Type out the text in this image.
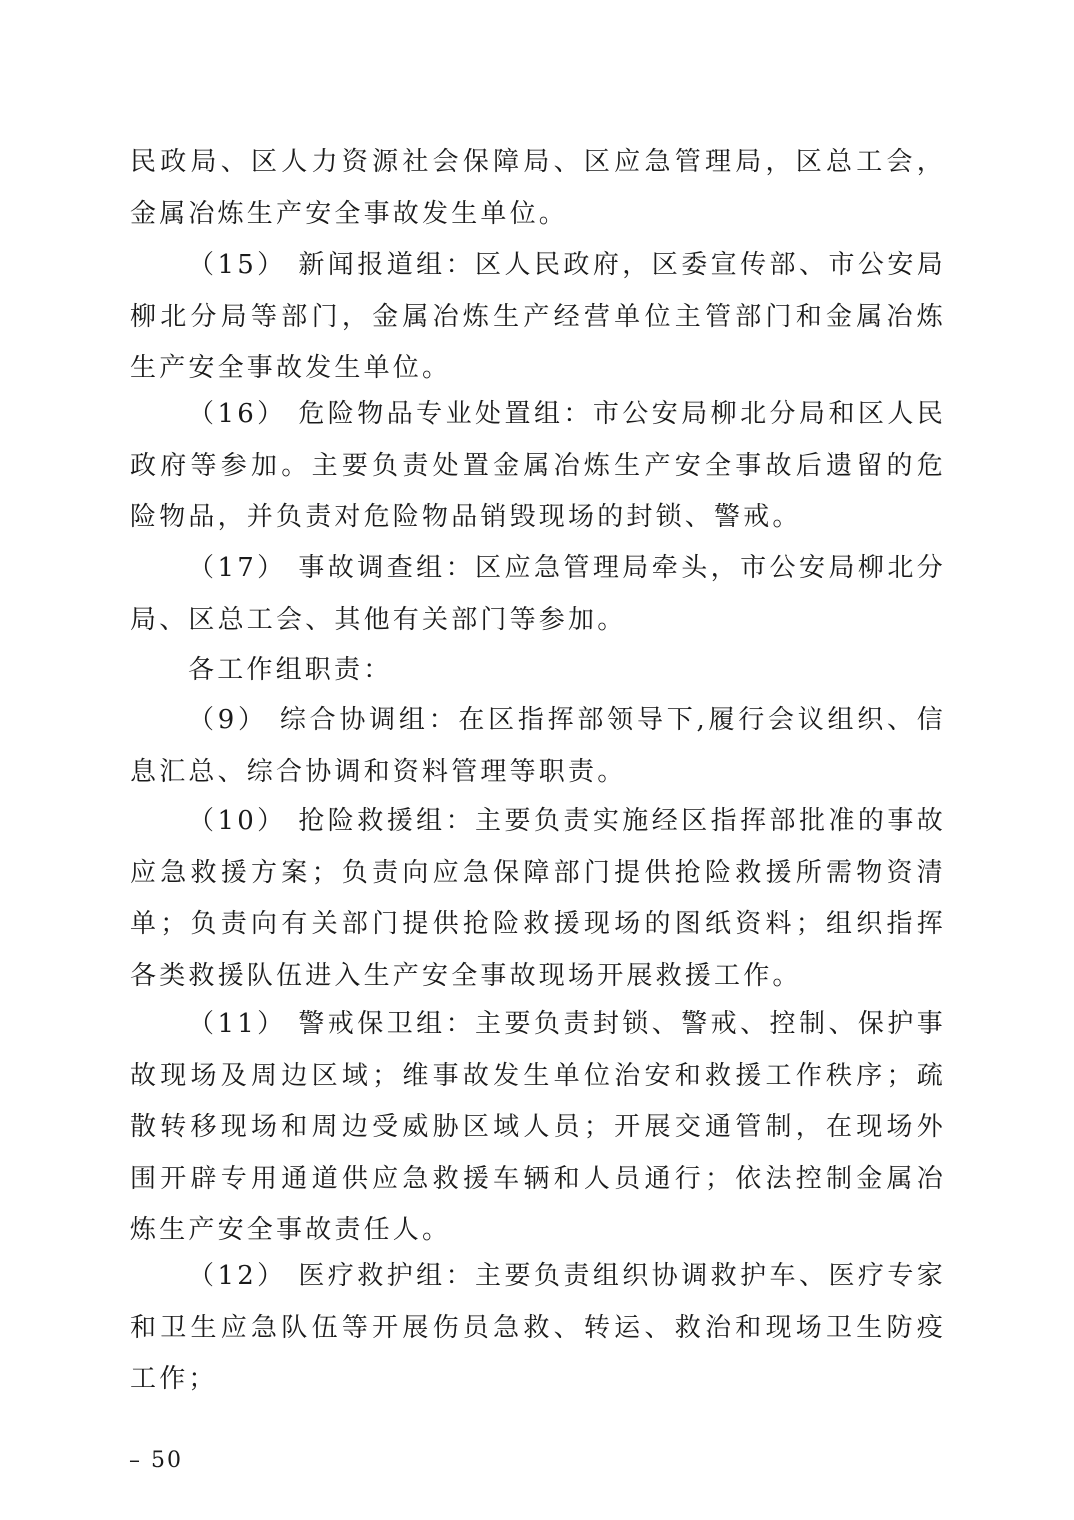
民政局、区人力资源社会保障局、区应急管理局，区总工会，金属冶炼生产安全事故发生单位。

（15） 新闻报道组：区人民政府，区委宣传部、市公安局柳北分局等部门，金属冶炼生产经营单位主管部门和金属冶炼生产安全事故发生单位。

（16） 危险物品专业处置组：市公安局柳北分局和区人民政府等参加。主要负责处置金属冶炼生产安全事故后遗留的危险物品，并负责对危险物品销毁现场的封锁、警戒。

（17） 事故调查组：区应急管理局牵头，市公安局柳北分局、区总工会、其他有关部门等参加。

各工作组职责：

（9） 综合协调组：在区指挥部领导下,履行会议组织、信息汇总、综合协调和资料管理等职责。

（10） 抢险救援组：主要负责实施经区指挥部批准的事故应急救援方案；负责向应急保障部门提供抢险救援所需物资清单；负责向有关部门提供抢险救援现场的图纸资料；组织指挥各类救援队伍进入生产安全事故现场开展救援工作。

（11） 警戒保卫组：主要负责封锁、警戒、控制、保护事故现场及周边区域；维事故发生单位治安和救援工作秩序；疏散转移现场和周边受威胁区域人员；开展交通管制，在现场外围开辟专用通道供应急救援车辆和人员通行；依法控制金属冶炼生产安全事故责任人。

（12） 医疗救护组：主要负责组织协调救护车、医疗专家和卫生应急队伍等开展伤员急救、转运、救治和现场卫生防疫工作；

– 50
